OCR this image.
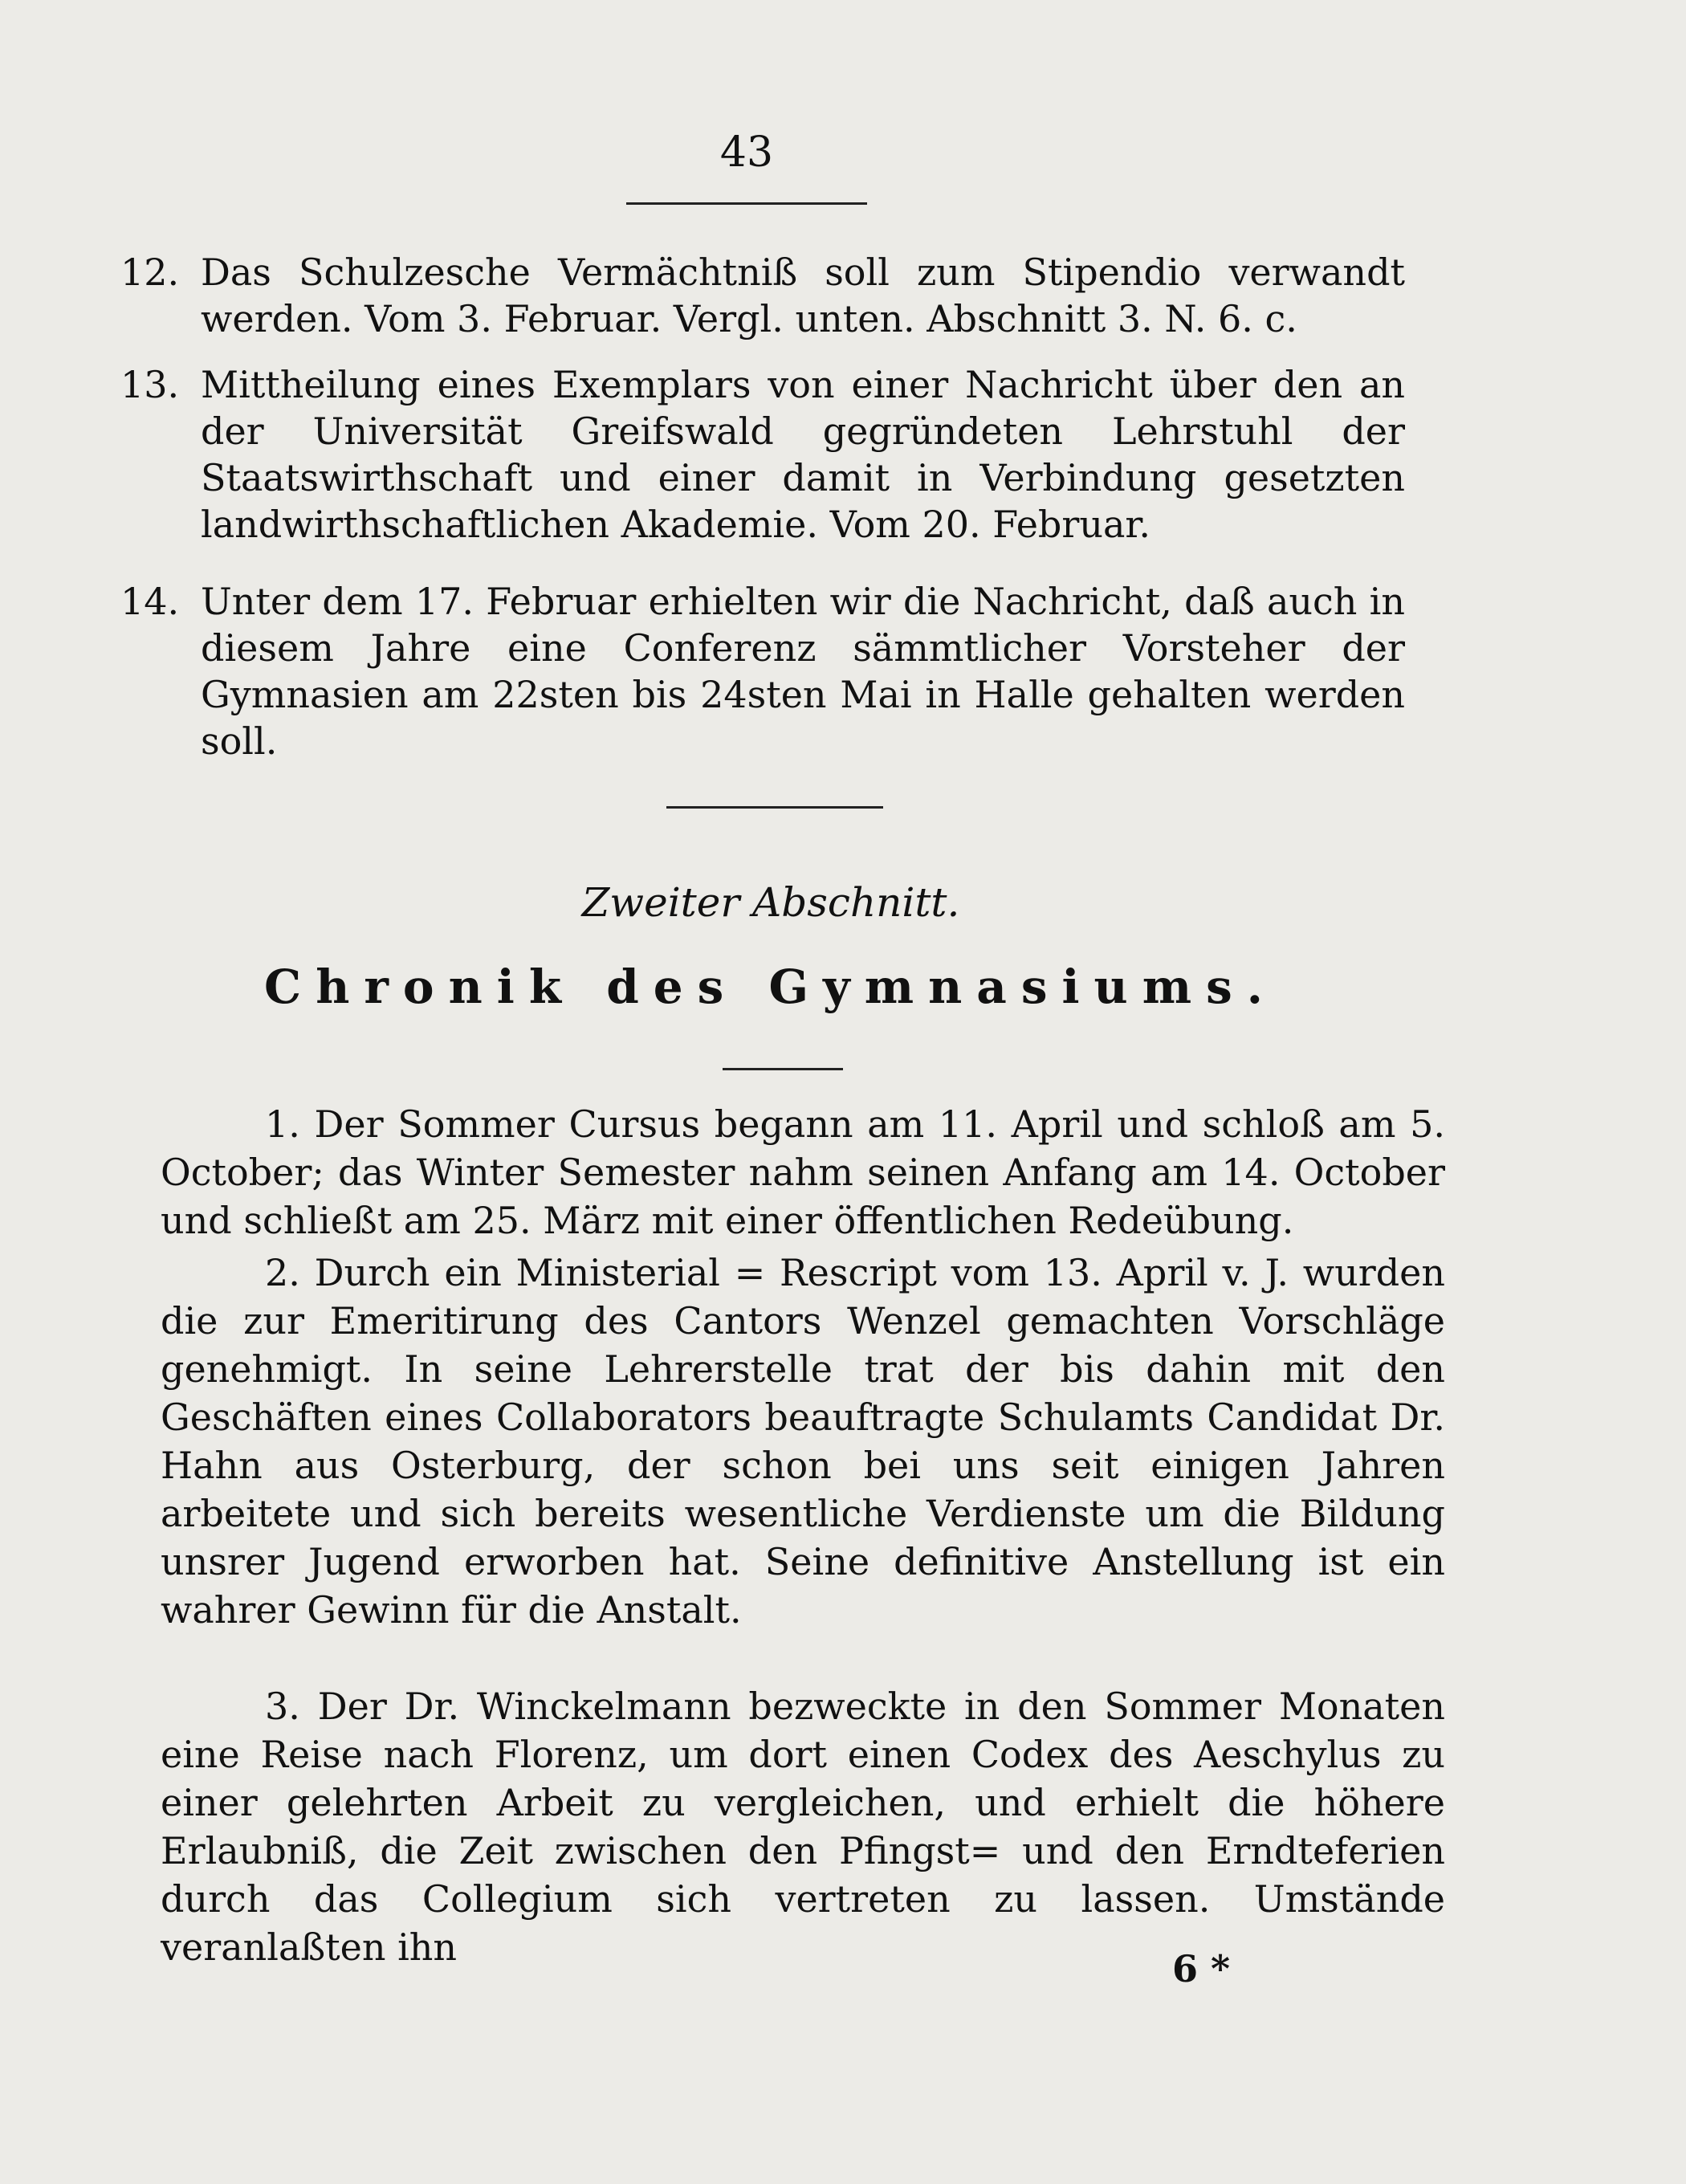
43
12. Das Schulzesche Vermächtniß soll zum Stipendio verwandt werden. Vom 3. Februar. Vergl. unten. Abschnitt 3. N. 6. c.
13. Mittheilung eines Exemplars von einer Nachricht über den an der Universität Greifswald gegründeten Lehrstuhl der Staatswirthschaft und einer damit in Verbindung gesetzten landwirthschaftlichen Akademie. Vom 20. Februar.
14. Unter dem 17. Februar erhielten wir die Nachricht, daß auch in diesem Jahre eine Conferenz sämmtlicher Vorsteher der Gymnasien am 22sten bis 24sten Mai in Halle gehalten werden soll.
Zweiter Abschnitt.
Chronik des Gymnasiums.
1. Der Sommer Cursus begann am 11. April und schloß am 5. October; das Winter Semester nahm seinen Anfang am 14. October und schließt am 25. März mit einer öffentlichen Redeübung.
2. Durch ein Ministerial = Rescript vom 13. April v. J. wurden die zur Emeritirung des Cantors Wenzel gemachten Vorschläge genehmigt. In seine Lehrerstelle trat der bis dahin mit den Geschäften eines Collaborators beauftragte Schulamts Candidat Dr. Hahn aus Osterburg, der schon bei uns seit einigen Jahren arbeitete und sich bereits wesentliche Verdienste um die Bildung unsrer Jugend erworben hat. Seine definitive Anstellung ist ein wahrer Gewinn für die Anstalt.
3. Der Dr. Winckelmann bezweckte in den Sommer Monaten eine Reise nach Florenz, um dort einen Codex des Aeschylus zu einer gelehrten Arbeit zu vergleichen, und erhielt die höhere Erlaubniß, die Zeit zwischen den Pfingst= und den Erndteferien durch das Collegium sich vertreten zu lassen. Umstände veranlaßten ihn	6 *
